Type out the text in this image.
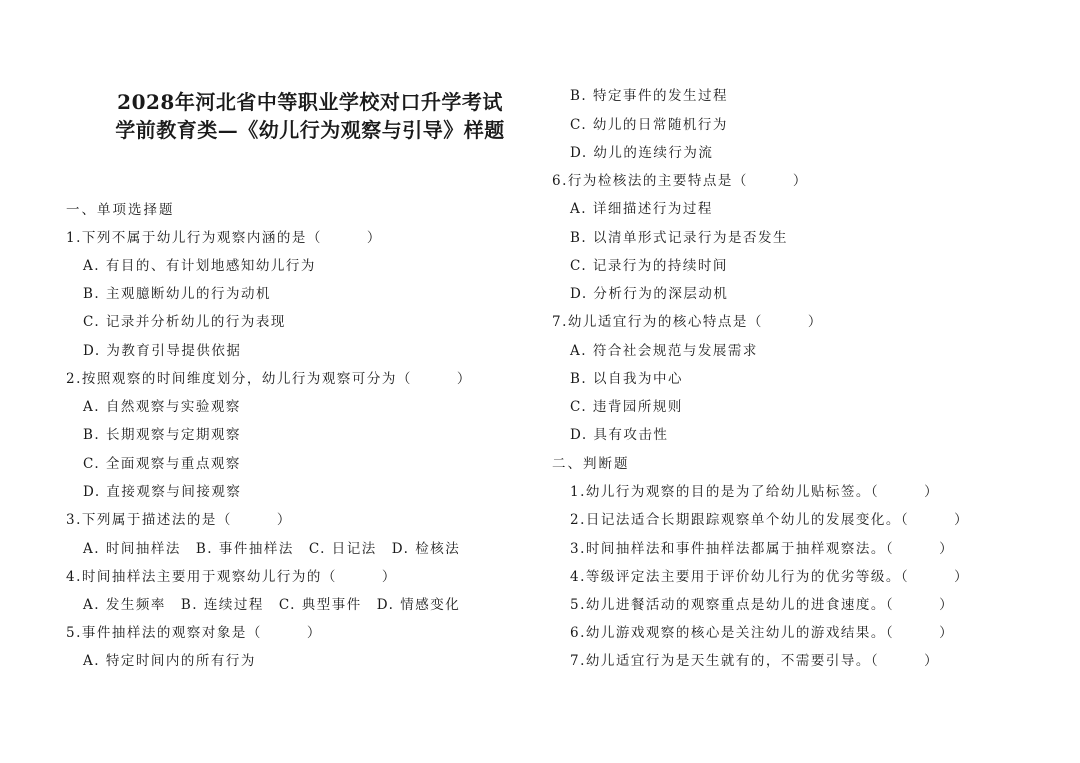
2028年河北省中等职业学校对口升学考试
学前教育类—《幼儿行为观察与引导》样题
一、单项选择题
1.下列不属于幼儿行为观察内涵的是（　　　）
A. 有目的、有计划地感知幼儿行为
B. 主观臆断幼儿的行为动机
C. 记录并分析幼儿的行为表现
D. 为教育引导提供依据
2.按照观察的时间维度划分，幼儿行为观察可分为（　　　）
A. 自然观察与实验观察
B. 长期观察与定期观察
C. 全面观察与重点观察
D. 直接观察与间接观察
3.下列属于描述法的是（　　　）
A. 时间抽样法　B. 事件抽样法　C. 日记法　D. 检核法
4.时间抽样法主要用于观察幼儿行为的（　　　）
A. 发生频率　B. 连续过程　C. 典型事件　D. 情感变化
5.事件抽样法的观察对象是（　　　）
A. 特定时间内的所有行为
B. 特定事件的发生过程
C. 幼儿的日常随机行为
D. 幼儿的连续行为流
6.行为检核法的主要特点是（　　　）
A. 详细描述行为过程
B. 以清单形式记录行为是否发生
C. 记录行为的持续时间
D. 分析行为的深层动机
7.幼儿适宜行为的核心特点是（　　　）
A. 符合社会规范与发展需求
B. 以自我为中心
C. 违背园所规则
D. 具有攻击性
二、判断题
1.幼儿行为观察的目的是为了给幼儿贴标签。（　　　）
2.日记法适合长期跟踪观察单个幼儿的发展变化。（　　　）
3.时间抽样法和事件抽样法都属于抽样观察法。（　　　）
4.等级评定法主要用于评价幼儿行为的优劣等级。（　　　）
5.幼儿进餐活动的观察重点是幼儿的进食速度。（　　　）
6.幼儿游戏观察的核心是关注幼儿的游戏结果。（　　　）
7.幼儿适宜行为是天生就有的，不需要引导。（　　　）
